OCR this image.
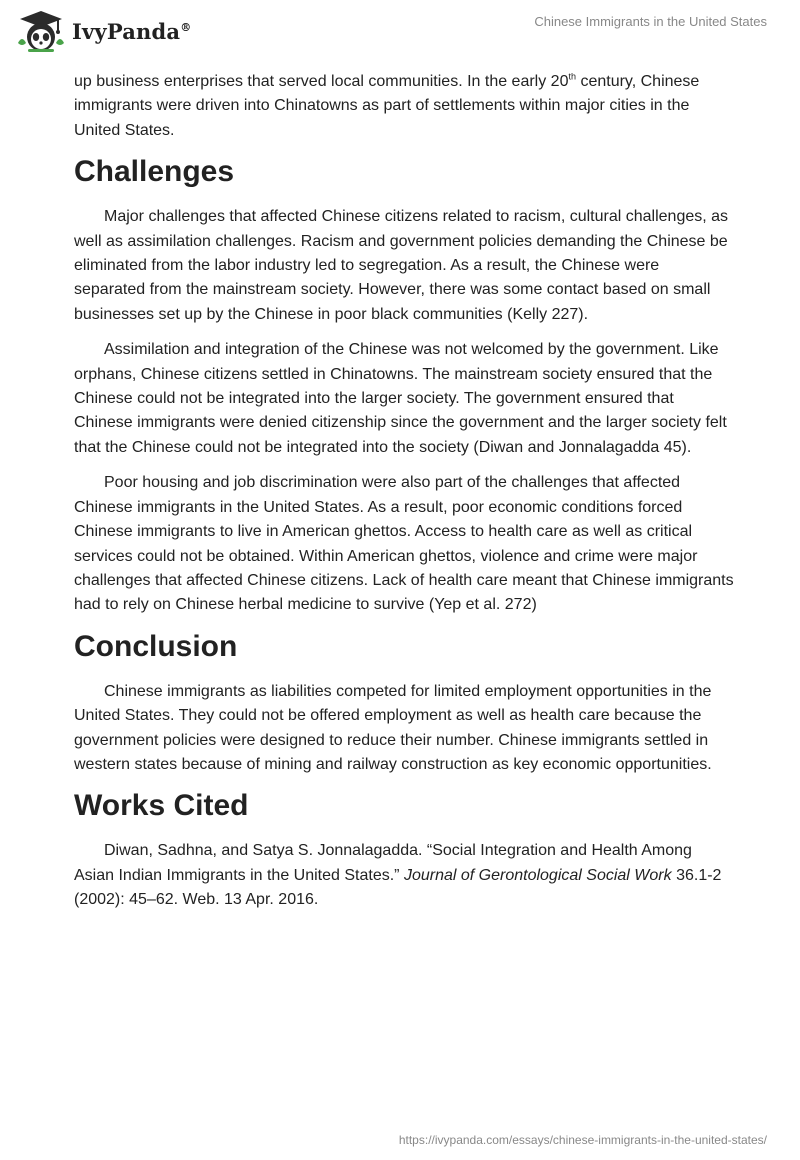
IvyPanda®	Chinese Immigrants in the United States

up business enterprises that served local communities. In the early 20th century, Chinese immigrants were driven into Chinatowns as part of settlements within major cities in the United States.

Challenges

Major challenges that affected Chinese citizens related to racism, cultural challenges, as well as assimilation challenges. Racism and government policies demanding the Chinese be eliminated from the labor industry led to segregation. As a result, the Chinese were separated from the mainstream society. However, there was some contact based on small businesses set up by the Chinese in poor black communities (Kelly 227).

Assimilation and integration of the Chinese was not welcomed by the government. Like orphans, Chinese citizens settled in Chinatowns. The mainstream society ensured that the Chinese could not be integrated into the larger society. The government ensured that Chinese immigrants were denied citizenship since the government and the larger society felt that the Chinese could not be integrated into the society (Diwan and Jonnalagadda 45).

Poor housing and job discrimination were also part of the challenges that affected Chinese immigrants in the United States. As a result, poor economic conditions forced Chinese immigrants to live in American ghettos. Access to health care as well as critical services could not be obtained. Within American ghettos, violence and crime were major challenges that affected Chinese citizens. Lack of health care meant that Chinese immigrants had to rely on Chinese herbal medicine to survive (Yep et al. 272)

Conclusion

Chinese immigrants as liabilities competed for limited employment opportunities in the United States. They could not be offered employment as well as health care because the government policies were designed to reduce their number. Chinese immigrants settled in western states because of mining and railway construction as key economic opportunities.

Works Cited

Diwan, Sadhna, and Satya S. Jonnalagadda. “Social Integration and Health Among Asian Indian Immigrants in the United States.” Journal of Gerontological Social Work 36.1-2 (2002): 45–62. Web. 13 Apr. 2016.

https://ivypanda.com/essays/chinese-immigrants-in-the-united-states/
